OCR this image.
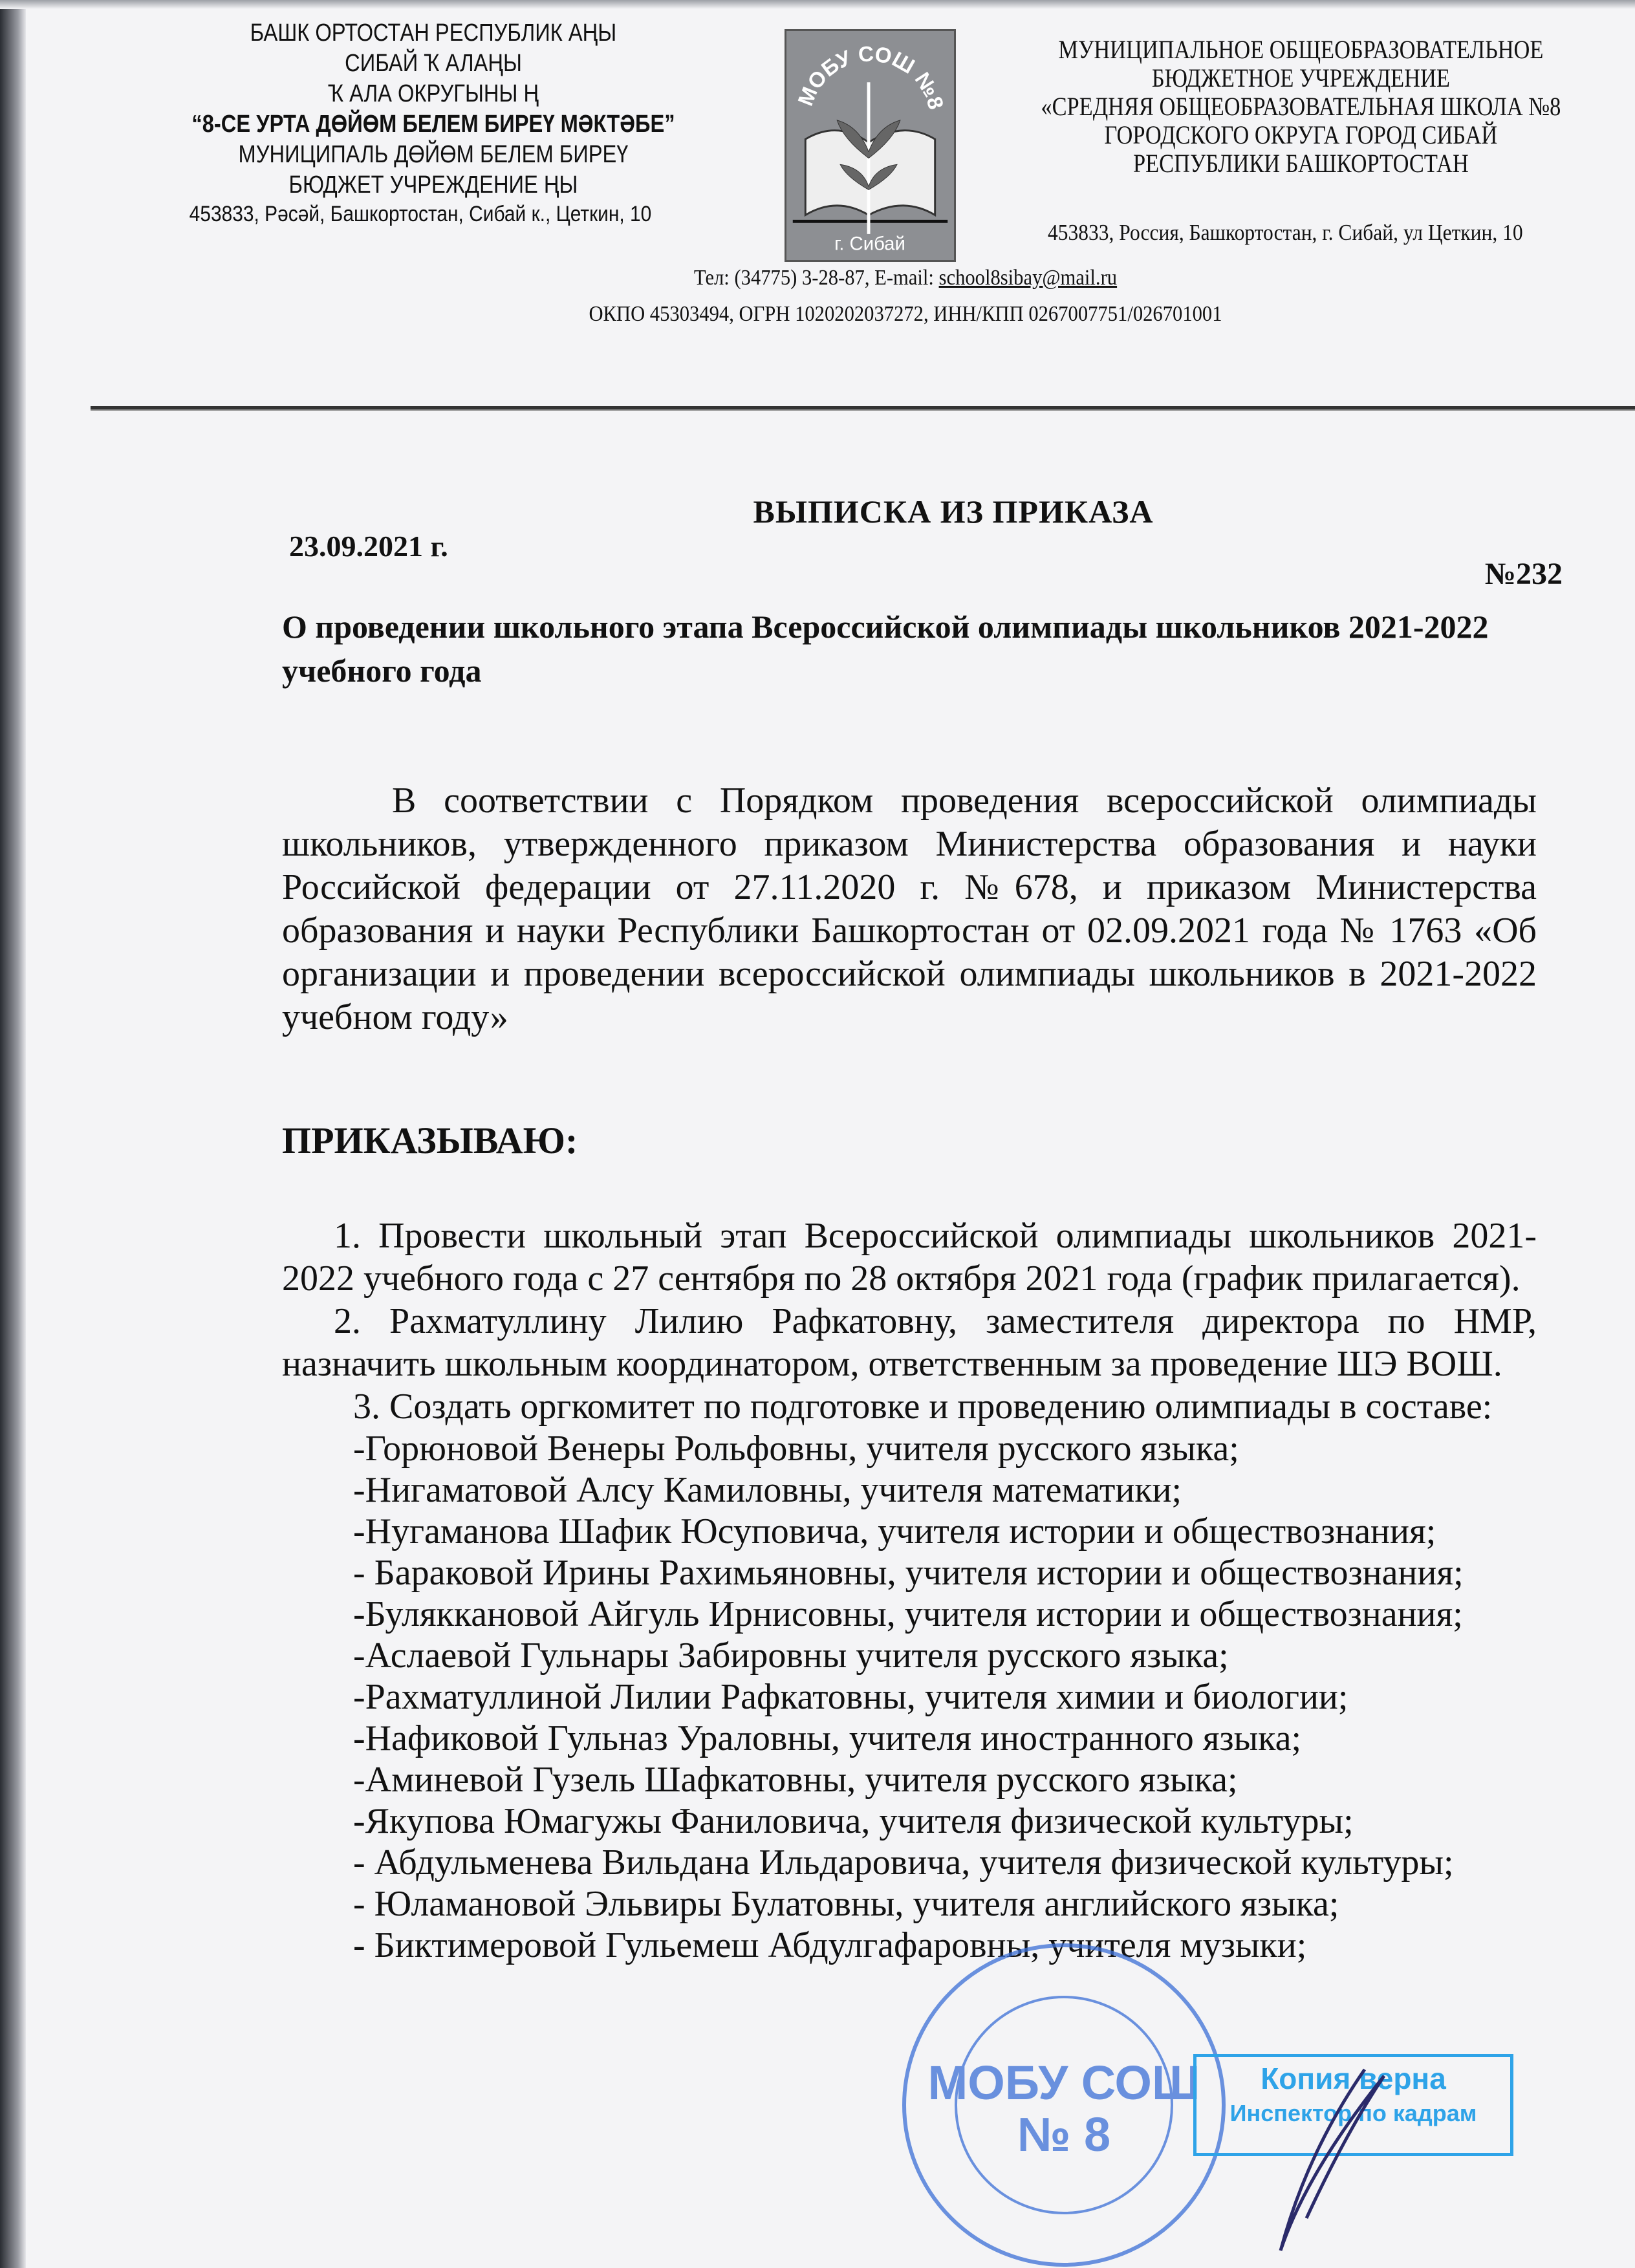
БАШК ОРТОСТАН РЕСПУБЛИК АҢЫ
СИБАЙ Ҡ АЛАҢЫ
Ҡ АЛА ОКРУГЫНЫ Ң
“8-СЕ УРТА ДӨЙӨМ БЕЛЕМ БИРЕҮ МӘКТӘБЕ”
МУНИЦИПАЛЬ ДӨЙӨМ БЕЛЕМ БИРЕҮ
БЮДЖЕТ УЧРЕЖДЕНИЕ ҢЫ
453833, Рәсәй, Башкортостан, Сибай к., Цеткин, 10
МОБУ СОШ №8
г. Сибай
МУНИЦИПАЛЬНОЕ ОБЩЕОБРАЗОВАТЕЛЬНОЕ
БЮДЖЕТНОЕ УЧРЕЖДЕНИЕ
«СРЕДНЯЯ ОБЩЕОБРАЗОВАТЕЛЬНАЯ ШКОЛА №8
ГОРОДСКОГО ОКРУГА ГОРОД СИБАЙ
РЕСПУБЛИКИ БАШКОРТОСТАН
453833, Россия, Башкортостан, г. Сибай, ул Цеткин, 10
Тел: (34775) 3-28-87, E-mail: school8sibay@mail.ru
ОКПО 45303494, ОГРН 1020202037272, ИНН/КПП 0267007751/026701001
ВЫПИСКА ИЗ ПРИКАЗА
23.09.2021 г.
№232
О проведении школьного этапа Всероссийской олимпиады школьников 2021-2022 учебного года
В соответствии с Порядком проведения всероссийской олимпиады школьников, утвержденного приказом Министерства образования и науки Российской федерации от 27.11.2020 г. №678, и приказом Министерства образования и науки Республики Башкортостан от 02.09.2021 года № 1763 «Об организации и проведении всероссийской олимпиады школьников в 2021-2022 учебном году»
ПРИКАЗЫВАЮ:
1. Провести школьный этап Всероссийской олимпиады школьников 2021-2022 учебного года с 27 сентября по 28 октября 2021 года (график прилагается).
2. Рахматуллину Лилию Рафкатовну, заместителя директора по НМР, назначить школьным координатором, ответственным за проведение ШЭ ВОШ.
3. Создать оргкомитет по подготовке и проведению олимпиады в составе:
-Горюновой Венеры Рольфовны, учителя русского языка;
-Нигаматовой Алсу Камиловны, учителя математики;
-Нугаманова Шафик Юсуповича, учителя истории и обществознания;
- Бараковой Ирины Рахимьяновны, учителя истории и обществознания;
-Буляккановой Айгуль Ирнисовны, учителя истории и обществознания;
-Аслаевой Гульнары Забировны учителя русского языка;
-Рахматуллиной Лилии Рафкатовны, учителя химии и биологии;
-Нафиковой Гульназ Ураловны, учителя иностранного языка;
-Аминевой Гузель Шафкатовны, учителя русского языка;
-Якупова Юмагужы Фаниловича, учителя физической культуры;
- Абдульменева Вильдана Ильдаровича, учителя физической культуры;
- Юламановой Эльвиры Булатовны, учителя английского языка;
- Биктимеровой Гульемеш Абдулгафаровны, учителя музыки;
МОБУ СОШ № 8
Копия верна
Инспектор по кадрам
